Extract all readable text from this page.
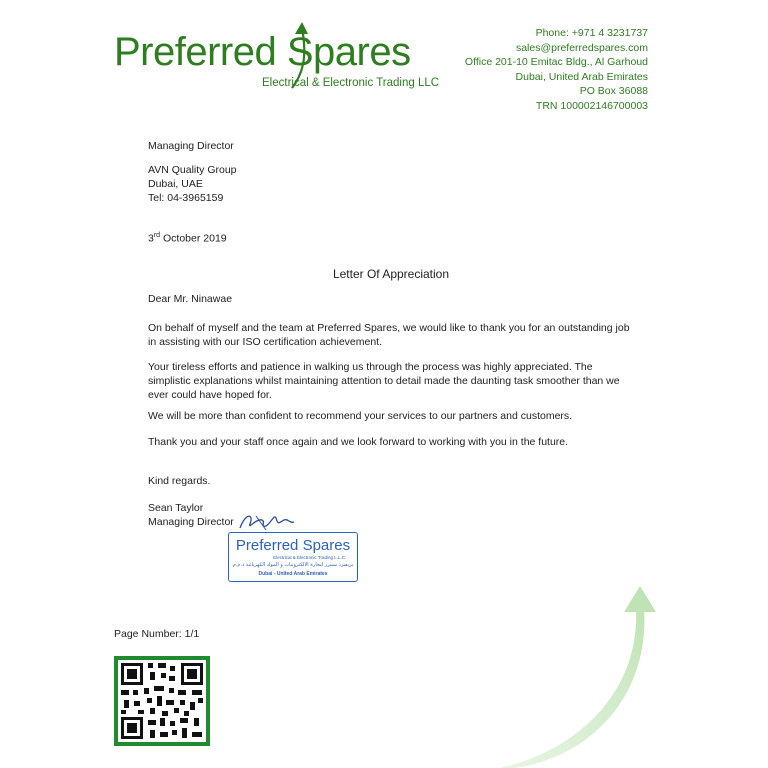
Preferred Spares
Electrical & Electronic Trading LLC
Phone: +971 4 3231737
sales@preferredspares.com
Office 201-10 Emitac Bldg., Al Garhoud
Dubai, United Arab Emirates
PO Box 36088
TRN 100002146700003
Managing Director
AVN Quality Group
Dubai, UAE
Tel: 04-3965159
3rd October 2019
Letter Of Appreciation
Dear Mr. Ninawae
On behalf of myself and the team at Preferred Spares, we would like to thank you for an outstanding job in assisting with our ISO certification achievement.
Your tireless efforts and patience in walking us through the process was highly appreciated. The simplistic explanations whilst maintaining attention to detail made the daunting task smoother than we ever could have hoped for.
We will be more than confident to recommend your services to our partners and customers.
Thank you and your staff once again and we look forward to working with you in the future.
Kind regards.
Sean Taylor
Managing Director
Preferred Spares
Electrical & Electronic Trading L.L.C
بريفيرد سبيرز لتجارة الالكترونيات و المواد الكهربائية ذ.م.م
Dubai - United Arab Emirates
Page Number: 1/1
